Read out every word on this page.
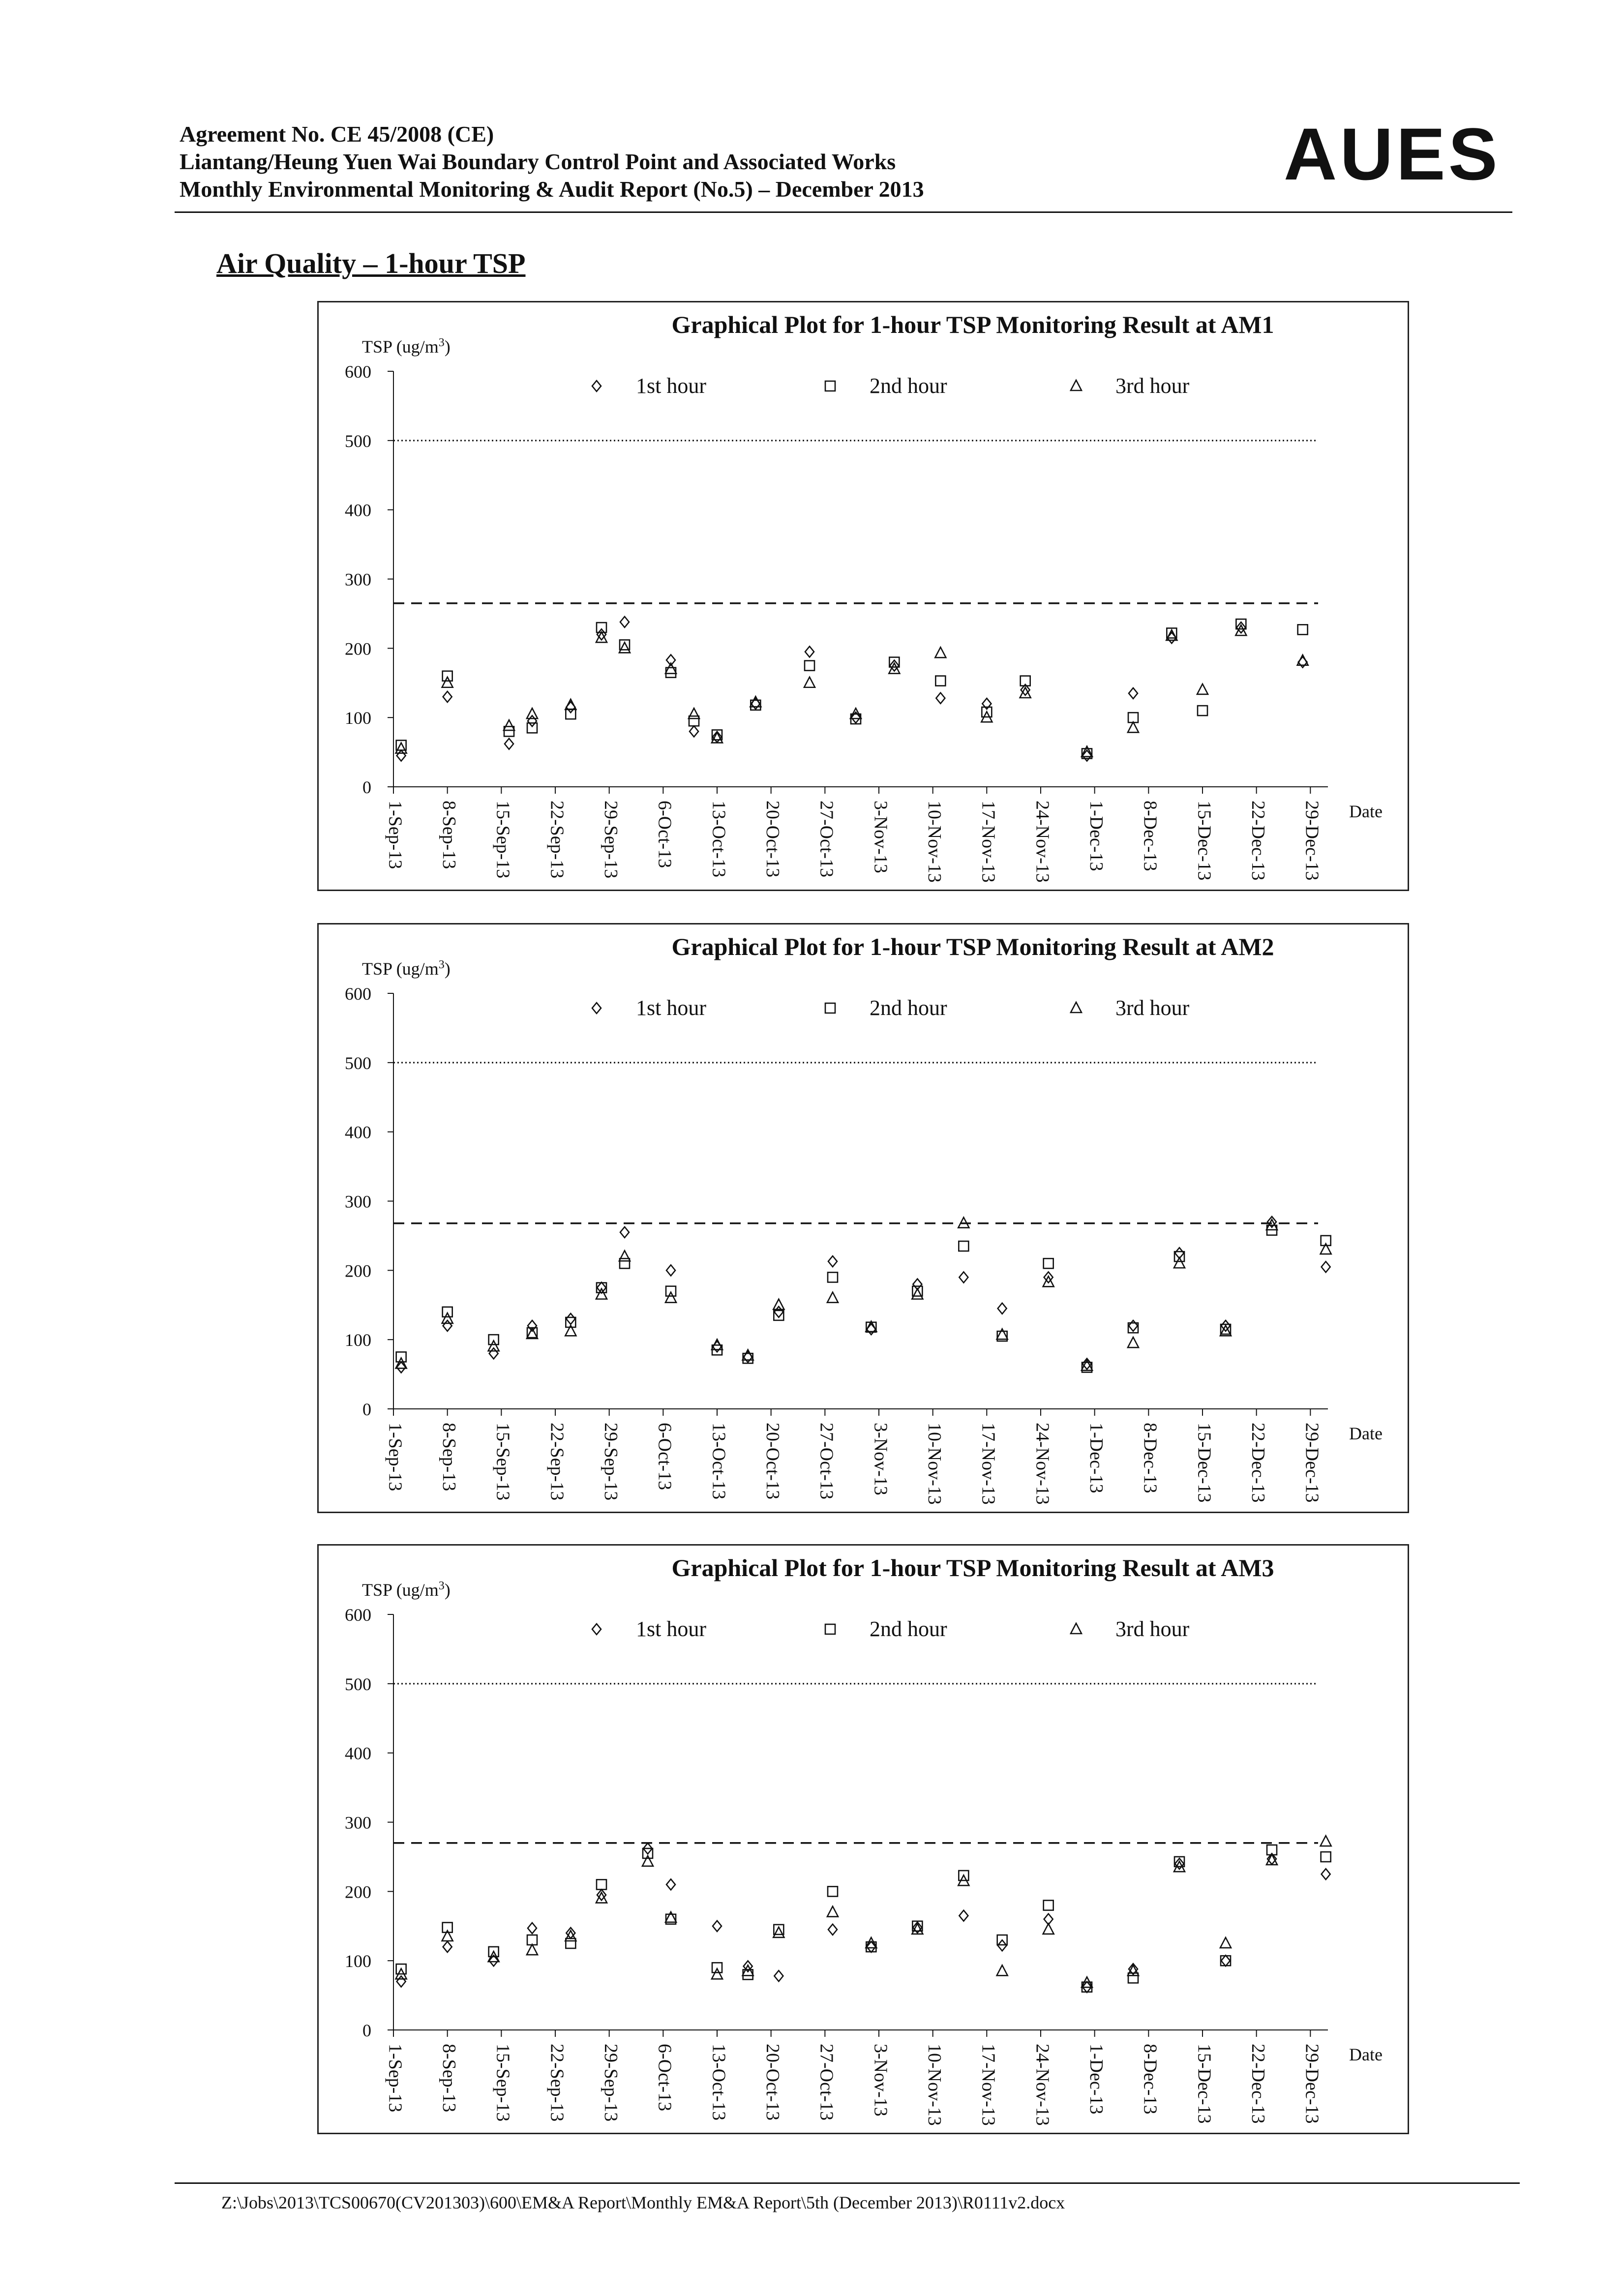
Agreement No. CE 45/2008 (CE)
Liantang/Heung Yuen Wai Boundary Control Point and Associated Works
Monthly Environmental Monitoring & Audit Report (No.5) – December 2013	AUES
Air Quality – 1-hour TSP
Graphical Plot for 1-hour TSP Monitoring Result at AM1
TSP $(ug/m^3)$
0
100
200
300
400
500
600
1-Sep-13 8-Sep-13 15-Sep-13 22-Sep-13 29-Sep-13 6-Oct-13 13-Oct-13 20-Oct-13 27-Oct-13 3-Nov-13 10-Nov-13 17-Nov-13 24-Nov-13 1-Dec-13 8-Dec-13 15-Dec-13 22-Dec-13 29-Dec-13 Date
1st hour	2nd hour	3rd hour
Graphical Plot for 1-hour TSP Monitoring Result at AM2
TSP $(ug/m^3)$
0
100
200
300
400
500
600
1-Sep-13 8-Sep-13 15-Sep-13 22-Sep-13 29-Sep-13 6-Oct-13 13-Oct-13 20-Oct-13 27-Oct-13 3-Nov-13 10-Nov-13 17-Nov-13 24-Nov-13 1-Dec-13 8-Dec-13 15-Dec-13 22-Dec-13 29-Dec-13 Date
1st hour	2nd hour	3rd hour
Graphical Plot for 1-hour TSP Monitoring Result at AM3
TSP $(ug/m^3)$
0
100
200
300
400
500
600
1-Sep-13 8-Sep-13 15-Sep-13 22-Sep-13 29-Sep-13 6-Oct-13 13-Oct-13 20-Oct-13 27-Oct-13 3-Nov-13 10-Nov-13 17-Nov-13 24-Nov-13 1-Dec-13 8-Dec-13 15-Dec-13 22-Dec-13 29-Dec-13 Date
1st hour	2nd hour	3rd hour
Z:\Jobs\2013\TCS00670(CV201303)\600\EM&A Report\Monthly EM&A Report\5th (December 2013)\R0111v2.docx
